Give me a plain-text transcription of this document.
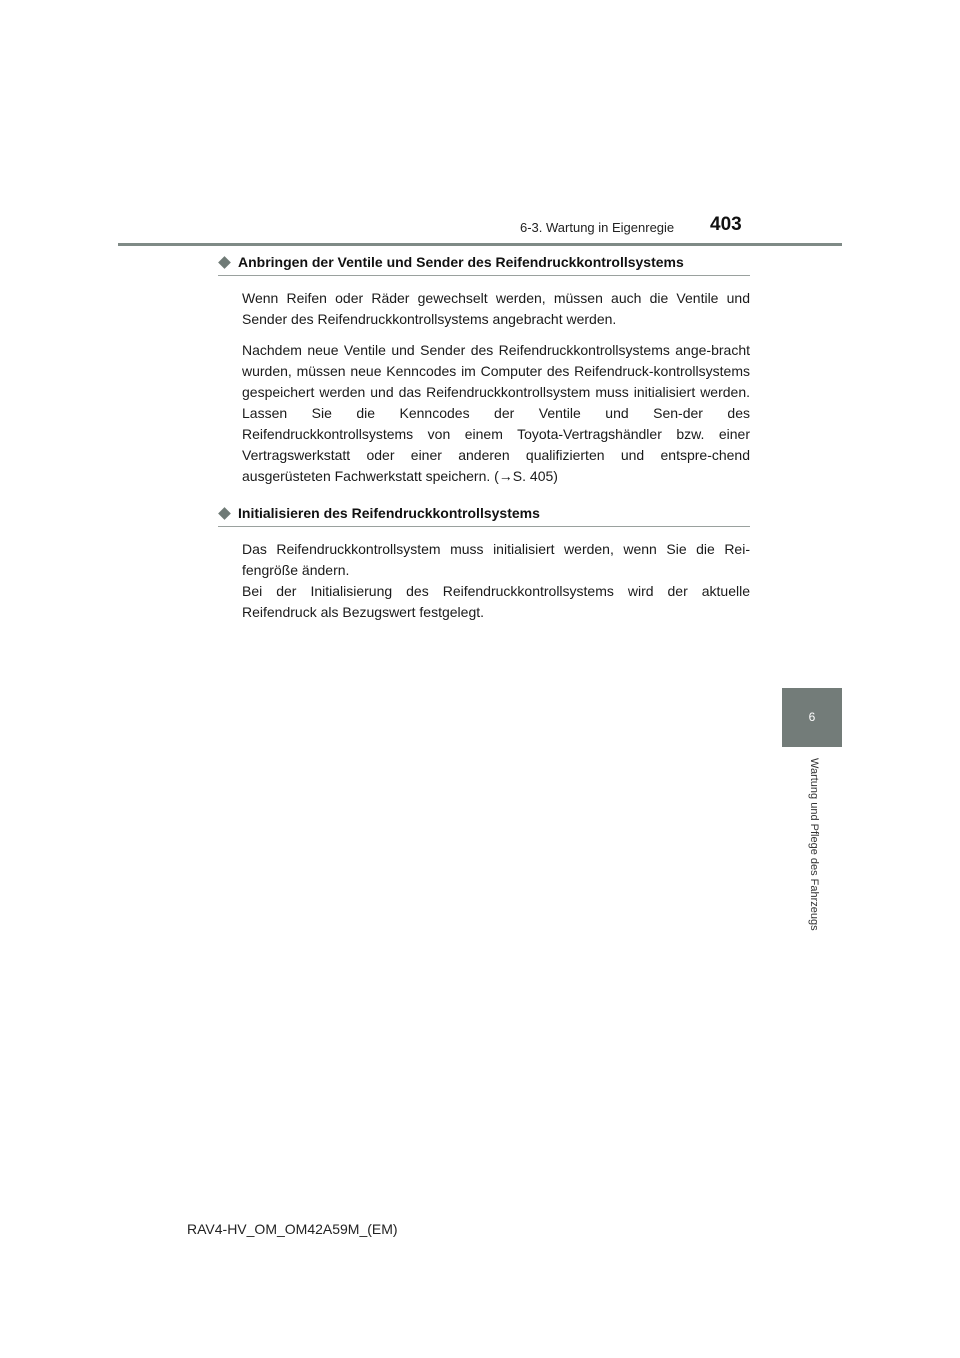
6-3. Wartung in Eigenregie	403
Anbringen der Ventile und Sender des Reifendruckkontrollsystems

Wenn Reifen oder Räder gewechselt werden, müssen auch die Ventile und Sender des Reifendruckkontrollsystems angebracht werden.

Nachdem neue Ventile und Sender des Reifendruckkontrollsystems ange-bracht wurden, müssen neue Kenncodes im Computer des Reifendruck-kontrollsystems gespeichert werden und das Reifendruckkontrollsystem muss initialisiert werden. Lassen Sie die Kenncodes der Ventile und Sen-der des Reifendruckkontrollsystems von einem Toyota-Vertragshändler bzw. einer Vertragswerkstatt oder einer anderen qualifizierten und entspre-chend ausgerüsteten Fachwerkstatt speichern. (→S. 405)

Initialisieren des Reifendruckkontrollsystems

Das Reifendruckkontrollsystem muss initialisiert werden, wenn Sie die Rei-fengröße ändern.

Bei der Initialisierung des Reifendruckkontrollsystems wird der aktuelle Reifendruck als Bezugswert festgelegt.

6
Wartung und Pflege des Fahrzeugs
RAV4-HV_OM_OM42A59M_(EM)
